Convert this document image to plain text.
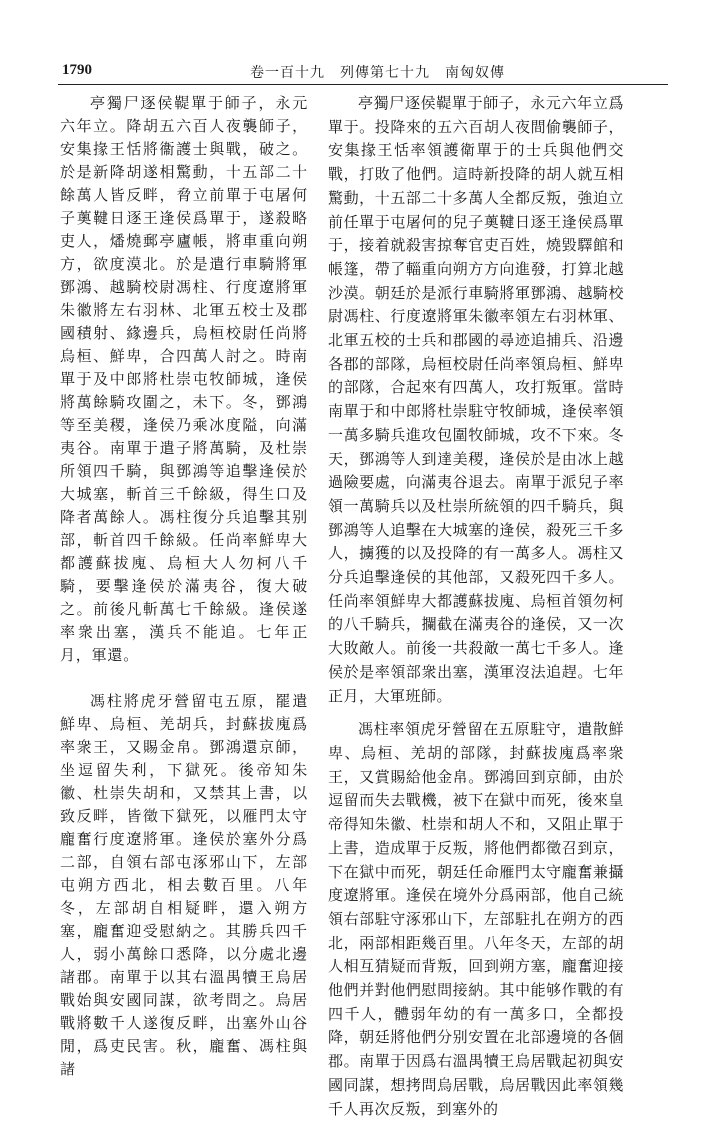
1790	卷一百十九　列傳第七十九　南匈奴傳

亭獨尸逐侯鞮單于師子，永元六年立。降胡五六百人夜襲師子，安集掾王恬將衞護士與戰，破之。於是新降胡遂相驚動，十五部二十餘萬人皆反畔，脅立前單于屯屠何子薁鞬日逐王逢侯爲單于，遂殺略吏人，燔燒郵亭廬帳，將車重向朔方，欲度漠北。於是遣行車騎將軍鄧鴻、越騎校尉馮柱、行度遼將軍朱徽將左右羽林、北軍五校士及郡國積射、緣邊兵，烏桓校尉任尚將烏桓、鮮卑，合四萬人討之。時南單于及中郎將杜崇屯牧師城，逢侯將萬餘騎攻圍之，未下。冬，鄧鴻等至美稷，逢侯乃乘冰度隘，向滿夷谷。南單于遣子將萬騎，及杜崇所領四千騎，與鄧鴻等追擊逢侯於大城塞，斬首三千餘級，得生口及降者萬餘人。馮柱復分兵追擊其别部，斬首四千餘級。任尚率鮮卑大都護蘇拔廆、烏桓大人勿柯八千騎，要擊逢侯於滿夷谷，復大破之。前後凡斬萬七千餘級。逢侯遂率衆出塞，漢兵不能追。七年正月，軍還。

馮柱將虎牙營留屯五原，罷遣鮮卑、烏桓、羌胡兵，封蘇拔廆爲率衆王，又賜金帛。鄧鴻還京師，坐逗留失利，下獄死。後帝知朱徽、杜崇失胡和，又禁其上書，以致反畔，皆徵下獄死，以雁門太守龐奮行度遼將軍。逢侯於塞外分爲二部，自領右部屯涿邪山下，左部屯朔方西北，相去數百里。八年冬，左部胡自相疑畔，還入朔方塞，龐奮迎受慰納之。其勝兵四千人，弱小萬餘口悉降，以分處北邊諸郡。南單于以其右溫禺犢王烏居戰始與安國同謀，欲考問之。烏居戰將數千人遂復反畔，出塞外山谷閒，爲吏民害。秋，龐奮、馮柱與諸

亭獨尸逐侯鞮單于師子，永元六年立爲單于。投降來的五六百胡人夜間偷襲師子，安集掾王恬率領護衛單于的士兵與他們交戰，打敗了他們。這時新投降的胡人就互相驚動，十五部二十多萬人全都反叛，強迫立前任單于屯屠何的兒子薁鞬日逐王逢侯爲單于，接着就殺害掠奪官吏百姓，燒毀驛館和帳篷，帶了輜重向朔方方向進發，打算北越沙漠。朝廷於是派行車騎將軍鄧鴻、越騎校尉馮柱、行度遼將軍朱徽率領左右羽林軍、北軍五校的士兵和郡國的尋迹追捕兵、沿邊各郡的部隊，烏桓校尉任尚率領烏桓、鮮卑的部隊，合起來有四萬人，攻打叛軍。當時南單于和中郎將杜崇駐守牧師城，逢侯率領一萬多騎兵進攻包圍牧師城，攻不下來。冬天，鄧鴻等人到達美稷，逢侯於是由冰上越過險要處，向滿夷谷退去。南單于派兒子率領一萬騎兵以及杜崇所統領的四千騎兵，與鄧鴻等人追擊在大城塞的逢侯，殺死三千多人，擄獲的以及投降的有一萬多人。馮柱又分兵追擊逢侯的其他部，又殺死四千多人。任尚率領鮮卑大都護蘇拔廆、烏桓首領勿柯的八千騎兵，攔截在滿夷谷的逢侯，又一次大敗敵人。前後一共殺敵一萬七千多人。逢侯於是率領部衆出塞，漢軍沒法追趕。七年正月，大軍班師。

馮柱率領虎牙營留在五原駐守，遣散鮮卑、烏桓、羌胡的部隊，封蘇拔廆爲率衆王，又賞賜給他金帛。鄧鴻回到京師，由於逗留而失去戰機，被下在獄中而死，後來皇帝得知朱徽、杜崇和胡人不和，又阻止單于上書，造成單于反叛，將他們都徵召到京，下在獄中而死，朝廷任命雁門太守龐奮兼攝度遼將軍。逢侯在境外分爲兩部，他自己統領右部駐守涿邪山下，左部駐扎在朔方的西北，兩部相距幾百里。八年冬天，左部的胡人相互猜疑而背叛，回到朔方塞，龐奮迎接他們并對他們慰問接納。其中能够作戰的有四千人，體弱年幼的有一萬多口，全都投降，朝廷將他們分别安置在北部邊境的各個郡。南單于因爲右溫禺犢王烏居戰起初與安國同謀，想拷問烏居戰，烏居戰因此率領幾千人再次反叛，到塞外的
